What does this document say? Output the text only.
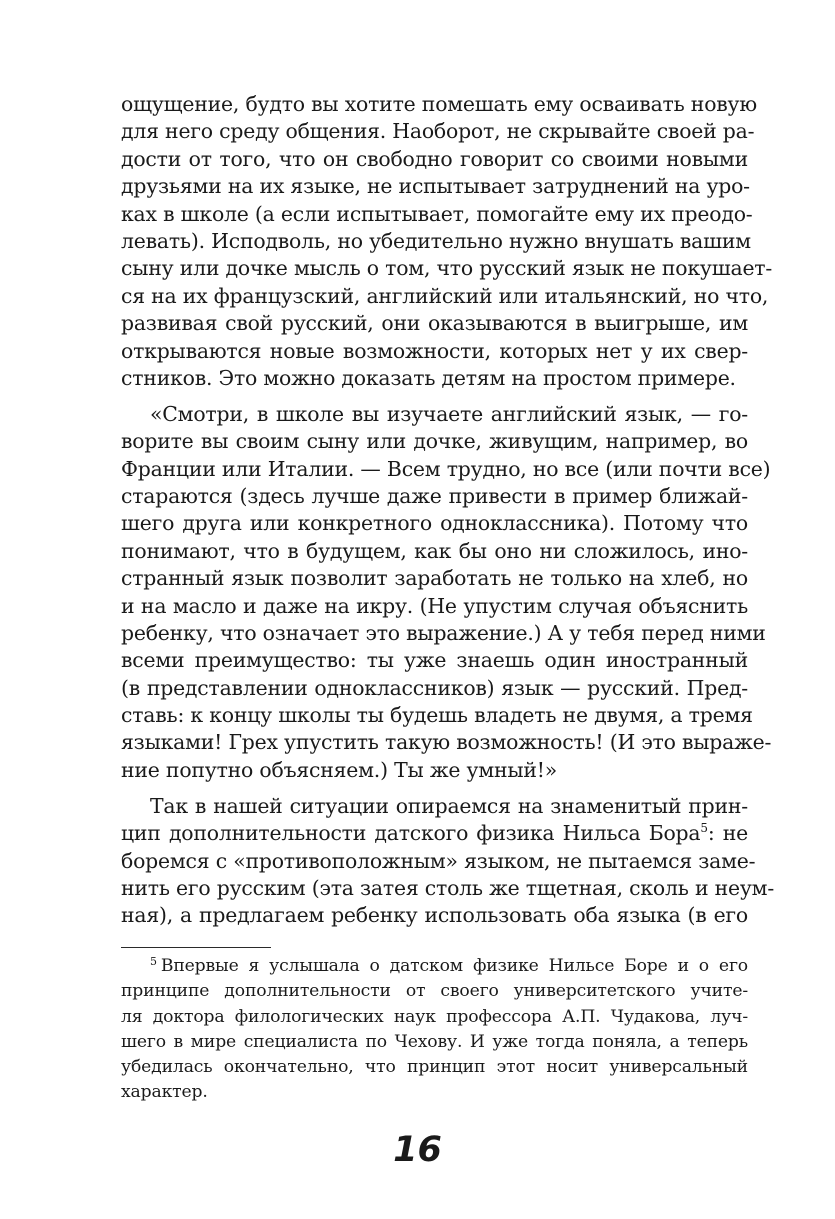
ощущение, будто вы хотите помешать ему осваивать новую
для него среду общения. Наоборот, не скрывайте своей ра-
дости от того, что он свободно говорит со своими новыми
друзьями на их языке, не испытывает затруднений на уро-
ках в школе (а если испытывает, помогайте ему их преодо-
левать). Исподволь, но убедительно нужно внушать вашим
сыну или дочке мысль о том, что русский язык не покушает-
ся на их французский, английский или итальянский, но что,
развивая свой русский, они оказываются в выигрыше, им
открываются новые возможности, которых нет у их свер-
стников. Это можно доказать детям на простом примере.
«Смотри, в школе вы изучаете английский язык, — го-
ворите вы своим сыну или дочке, живущим, например, во
Франции или Италии. — Всем трудно, но все (или почти все)
стараются (здесь лучше даже привести в пример ближай-
шего друга или конкретного одноклассника). Потому что
понимают, что в будущем, как бы оно ни сложилось, ино-
странный язык позволит заработать не только на хлеб, но
и на масло и даже на икру. (Не упустим случая объяснить
ребенку, что означает это выражение.) А у тебя перед ними
всеми преимущество: ты уже знаешь один иностранный
(в представлении одноклассников) язык — русский. Пред-
ставь: к концу школы ты будешь владеть не двумя, а тремя
языками! Грех упустить такую возможность! (И это выраже-
ние попутно объясняем.) Ты же умный!»
Так в нашей ситуации опираемся на знаменитый прин-
цип дополнительности датского физика Нильса Бора$^5$: не
боремся с «противоположным» языком, не пытаемся заме-
нить его русским (эта затея столь же тщетная, сколь и неум-
ная), а предлагаем ребенку использовать оба языка (в его
$^5$ Впервые я услышала о датском физике Нильсе Боре и о его
принципе дополнительности от своего университетского учите-
ля доктора филологических наук профессора А.П. Чудакова, луч-
шего в мире специалиста по Чехову. И уже тогда поняла, а теперь
убедилась окончательно, что принцип этот носит универсальный
характер.
16
